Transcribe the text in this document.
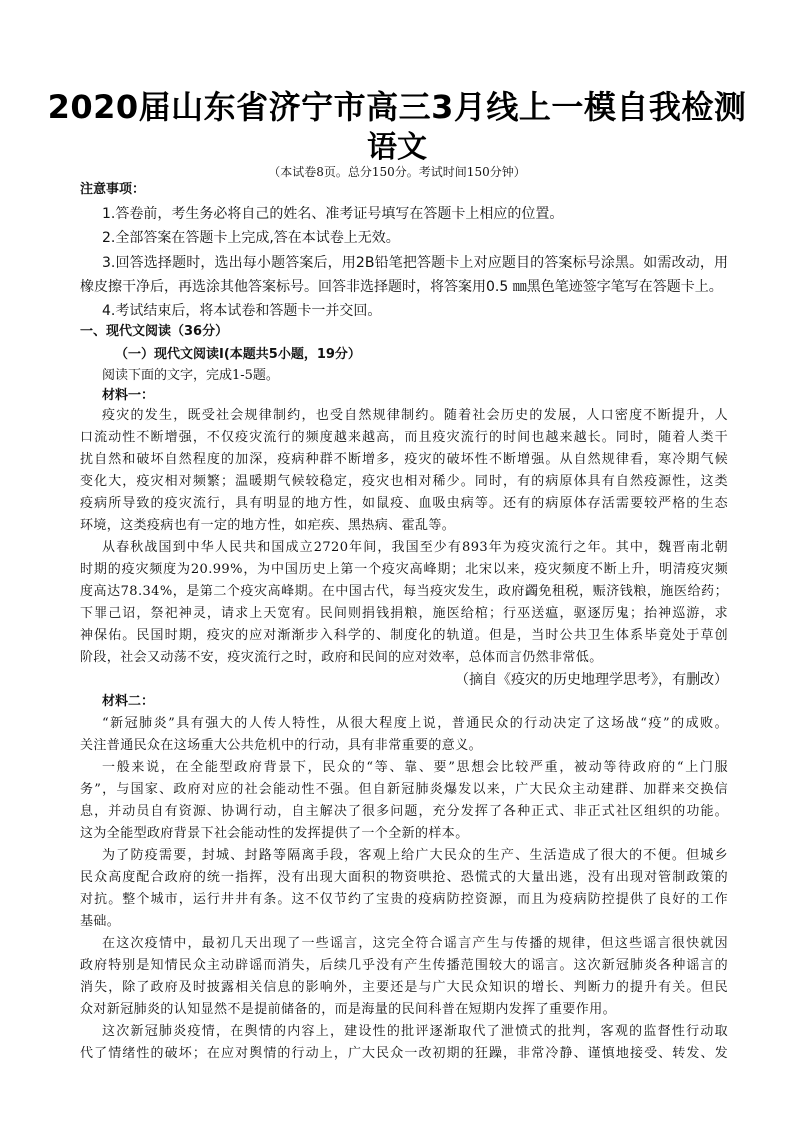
2020届山东省济宁市高三3月线上一模自我检测
语文
（本试卷8页。总分150分。考试时间150分钟）
注意事项：
1.答卷前，考生务必将自己的姓名、准考证号填写在答题卡上相应的位置。
2.全部答案在答题卡上完成,答在本试卷上无效。
3.回答选择题时，选出每小题答案后，用2B铅笔把答题卡上对应题目的答案标号涂黑。如需改动，用
橡皮擦干净后，再选涂其他答案标号。回答非选择题时，将答案用0.5 ㎜黑色笔迹签字笔写在答题卡上。
4.考试结束后，将本试卷和答题卡一并交回。
一、现代文阅读（36分）
（一）现代文阅读Ⅰ(本题共5小题，19分）
阅读下面的文字，完成1-5题。
材料一：
疫灾的发生，既受社会规律制约，也受自然规律制约。随着社会历史的发展，人口密度不断提升，人
口流动性不断增强，不仅疫灾流行的频度越来越高，而且疫灾流行的时间也越来越长。同时，随着人类干
扰自然和破坏自然程度的加深，疫病种群不断增多，疫灾的破坏性不断增强。从自然规律看，寒冷期气候
变化大，疫灾相对频繁；温暖期气候较稳定，疫灾也相对稀少。同时，有的病原体具有自然疫源性，这类
疫病所导致的疫灾流行，具有明显的地方性，如鼠疫、血吸虫病等。还有的病原体存活需要较严格的生态
环境，这类疫病也有一定的地方性，如疟疾、黑热病、霍乱等。
从春秋战国到中华人民共和国成立2720年间，我国至少有893年为疫灾流行之年。其中，魏晋南北朝
时期的疫灾频度为20.99%，为中国历史上第一个疫灾高峰期；北宋以来，疫灾频度不断上升，明清疫灾频
度高达78.34%，是第二个疫灾高峰期。在中国古代，每当疫灾发生，政府蠲免租税，赈济钱粮，施医给药；
下罪己诏，祭祀神灵，请求上天宽宥。民间则捐钱捐粮，施医给棺；行巫送瘟，驱逐厉鬼；抬神巡游，求
神保佑。民国时期，疫灾的应对渐渐步入科学的、制度化的轨道。但是，当时公共卫生体系毕竟处于草创
阶段，社会又动荡不安，疫灾流行之时，政府和民间的应对效率，总体而言仍然非常低。
（摘自《疫灾的历史地理学思考》，有删改）
材料二：
“新冠肺炎”具有强大的人传人特性，从很大程度上说，普通民众的行动决定了这场战“疫”的成败。
关注普通民众在这场重大公共危机中的行动，具有非常重要的意义。
一般来说，在全能型政府背景下，民众的“等、靠、要”思想会比较严重，被动等待政府的“上门服
务”，与国家、政府对应的社会能动性不强。但自新冠肺炎爆发以来，广大民众主动建群、加群来交换信
息，并动员自有资源、协调行动，自主解决了很多问题，充分发挥了各种正式、非正式社区组织的功能。
这为全能型政府背景下社会能动性的发挥提供了一个全新的样本。
为了防疫需要，封城、封路等隔离手段，客观上给广大民众的生产、生活造成了很大的不便。但城乡
民众高度配合政府的统一指挥，没有出现大面积的物资哄抢、恐慌式的大量出逃，没有出现对管制政策的
对抗。整个城市，运行井井有条。这不仅节约了宝贵的疫病防控资源，而且为疫病防控提供了良好的工作
基础。
在这次疫情中，最初几天出现了一些谣言，这完全符合谣言产生与传播的规律，但这些谣言很快就因
政府特别是知情民众主动辟谣而消失，后续几乎没有产生传播范围较大的谣言。这次新冠肺炎各种谣言的
消失，除了政府及时披露相关信息的影响外，主要还是与广大民众知识的增长、判断力的提升有关。但民
众对新冠肺炎的认知显然不是提前储备的，而是海量的民间科普在短期内发挥了重要作用。
这次新冠肺炎疫情，在舆情的内容上，建设性的批评逐渐取代了泄愤式的批判，客观的监督性行动取
代了情绪性的破坏；在应对舆情的行动上，广大民众一改初期的狂躁，非常冷静、谨慎地接受、转发、发
